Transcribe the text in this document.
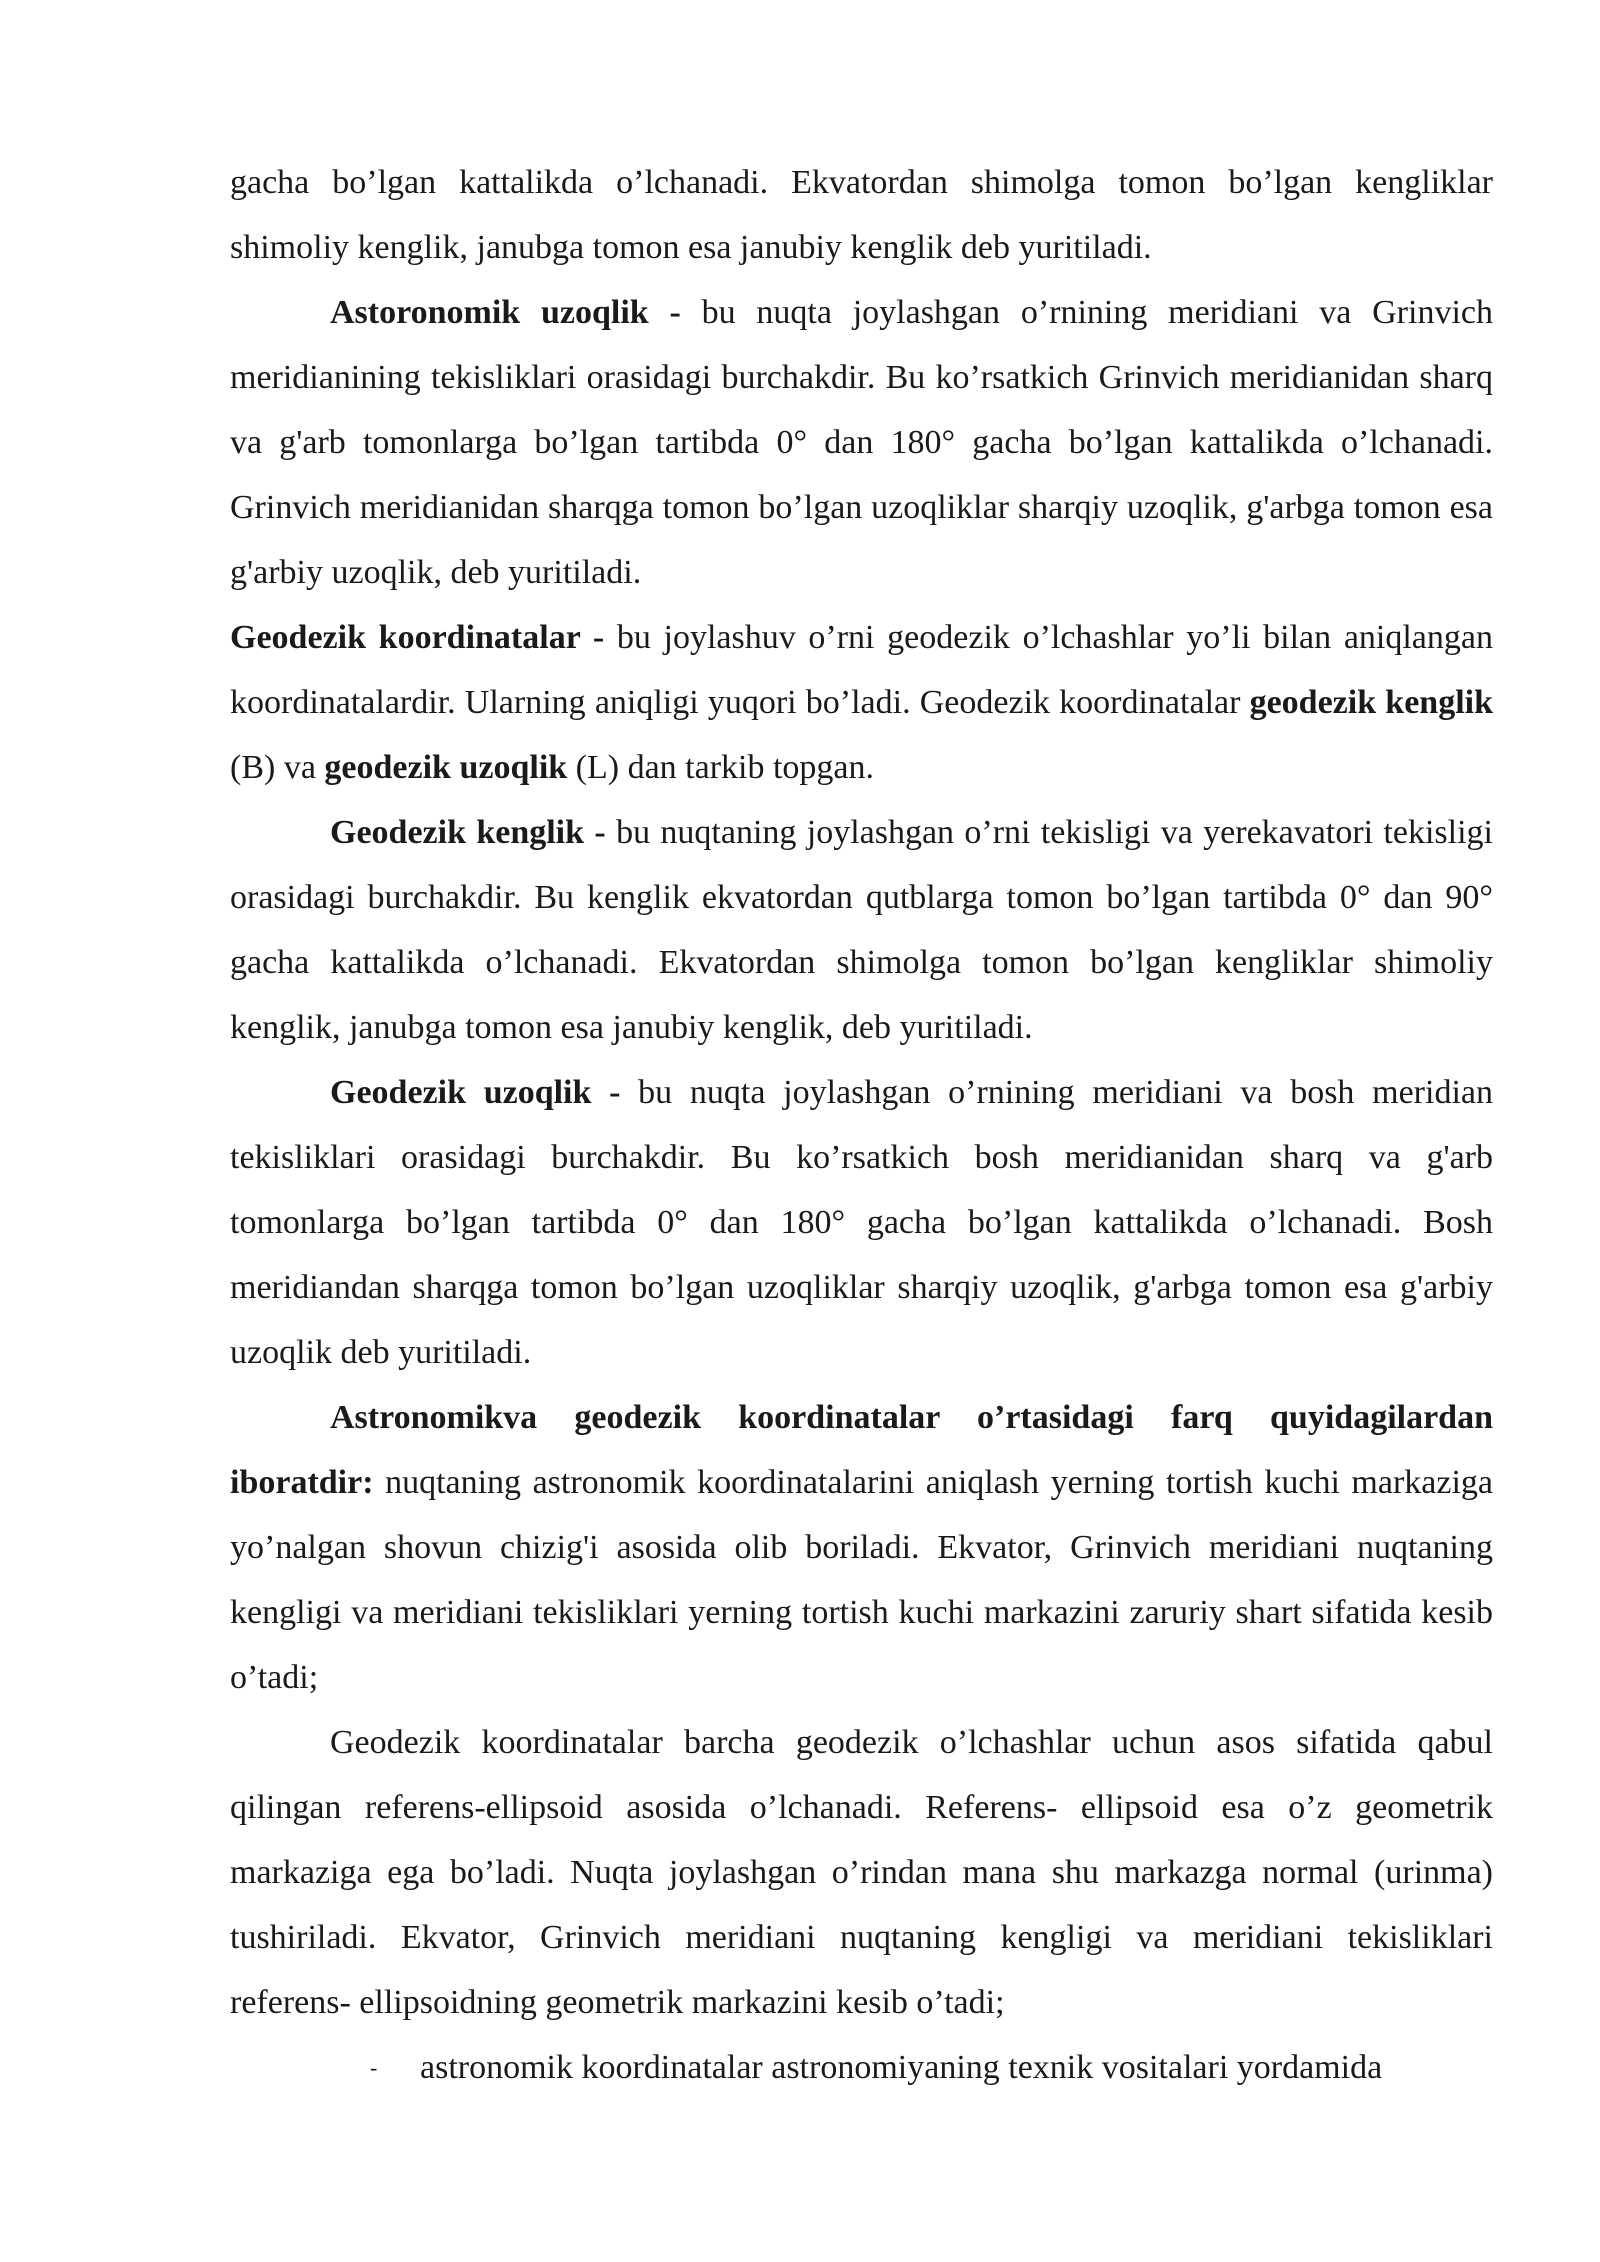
gacha bo’lgan kattalikda o’lchanadi. Ekvatordan shimolga tomon bo’lgan kengliklar shimoliy kenglik, janubga tomon esa janubiy kenglik deb yuritiladi.

Astoronomik uzoqlik - bu nuqta joylashgan o’rnining meridiani va Grinvich meridianining tekisliklari orasidagi burchakdir. Bu ko’rsatkich Grinvich meridianidan sharq va g'arb tomonlarga bo’lgan tartibda 0° dan 180° gacha bo’lgan kattalikda o’lchanadi. Grinvich meridianidan sharqga tomon bo’lgan uzoqliklar sharqiy uzoqlik, g'arbga tomon esa g'arbiy uzoqlik, deb yuritiladi.

Geodezik koordinatalar - bu joylashuv o’rni geodezik o’lchashlar yo’li bilan aniqlangan koordinatalardir. Ularning aniqligi yuqori bo’ladi. Geodezik koordinatalar geodezik kenglik (B) va geodezik uzoqlik (L) dan tarkib topgan.

Geodezik kenglik - bu nuqtaning joylashgan o’rni tekisligi va yerekavatori tekisligi orasidagi burchakdir. Bu kenglik ekvatordan qutblarga tomon bo’lgan tartibda 0° dan 90° gacha kattalikda o’lchanadi. Ekvatordan shimolga tomon bo’lgan kengliklar shimoliy kenglik, janubga tomon esa janubiy kenglik, deb yuritiladi.

Geodezik uzoqlik - bu nuqta joylashgan o’rnining meridiani va bosh meridian tekisliklari orasidagi burchakdir. Bu ko’rsatkich bosh meridianidan sharq va g'arb tomonlarga bo’lgan tartibda 0° dan 180° gacha bo’lgan kattalikda o’lchanadi. Bosh meridiandan sharqga tomon bo’lgan uzoqliklar sharqiy uzoqlik, g'arbga tomon esa g'arbiy uzoqlik deb yuritiladi.

Astronomikva geodezik koordinatalar o’rtasidagi farq quyidagilardan iboratdir: nuqtaning astronomik koordinatalarini aniqlash yerning tortish kuchi markaziga yo’nalgan shovun chizig'i asosida olib boriladi. Ekvator, Grinvich meridiani nuqtaning kengligi va meridiani tekisliklari yerning tortish kuchi markazini zaruriy shart sifatida kesib o’tadi;

Geodezik koordinatalar barcha geodezik o’lchashlar uchun asos sifatida qabul qilingan referens-ellipsoid asosida o’lchanadi. Referens- ellipsoid esa o’z geometrik markaziga ega bo’ladi. Nuqta joylashgan o’rindan mana shu markazga normal (urinma) tushiriladi. Ekvator, Grinvich meridiani nuqtaning kengligi va meridiani tekisliklari referens- ellipsoidning geometrik markazini kesib o’tadi;

- astronomik koordinatalar astronomiyaning texnik vositalari yordamida
